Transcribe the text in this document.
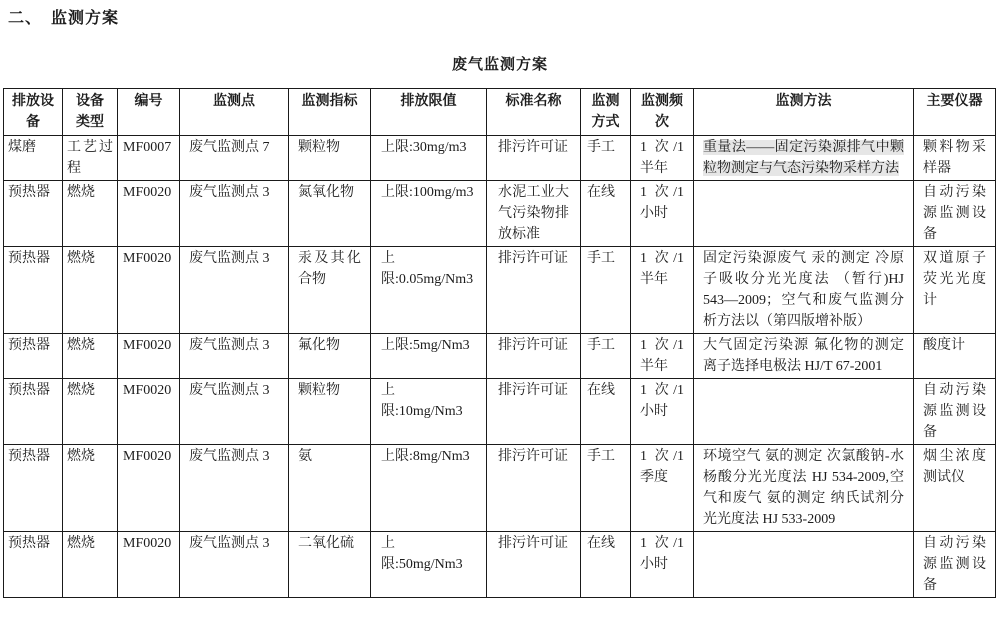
二、　监测方案
废气监测方案
排放设备	设备类型	编号	监测点	监测指标	排放限值	标准名称	监测方式	监测频次	监测方法	主要仪器
煤磨	工艺过程	MF0007	废气监测点 7	颗粒物	上限:30mg/m3	排污许可证	手工	1 次/1 半年	重量法——固定污染源排气中颗粒物测定与气态污染物采样方法	颗料物采样器
预热器	燃烧	MF0020	废气监测点 3	氮氧化物	上限:100mg/m3	水泥工业大气污染物排放标准	在线	1 次/1 小时		自动污染源监测设备
预热器	燃烧	MF0020	废气监测点 3	汞及其化合物	上限:0.05mg/Nm3	排污许可证	手工	1 次/1 半年	固定污染源废气 汞的测定 冷原子吸收分光光度法 （暂行)HJ 543—2009；空气和废气监测分析方法以（第四版增补版）	双道原子荧光光度计
预热器	燃烧	MF0020	废气监测点 3	氟化物	上限:5mg/Nm3	排污许可证	手工	1 次/1 半年	大气固定污染源 氟化物的测定 离子选择电极法 HJ/T 67-2001	酸度计
预热器	燃烧	MF0020	废气监测点 3	颗粒物	上限:10mg/Nm3	排污许可证	在线	1 次/1 小时		自动污染源监测设备
预热器	燃烧	MF0020	废气监测点 3	氨	上限:8mg/Nm3	排污许可证	手工	1 次/1 季度	环境空气 氨的测定 次氯酸钠-水杨酸分光光度法 HJ 534-2009,空气和废气 氨的测定 纳氏试剂分光光度法 HJ 533-2009	烟尘浓度测试仪
预热器	燃烧	MF0020	废气监测点 3	二氧化硫	上限:50mg/Nm3	排污许可证	在线	1 次/1 小时		自动污染源监测设备
